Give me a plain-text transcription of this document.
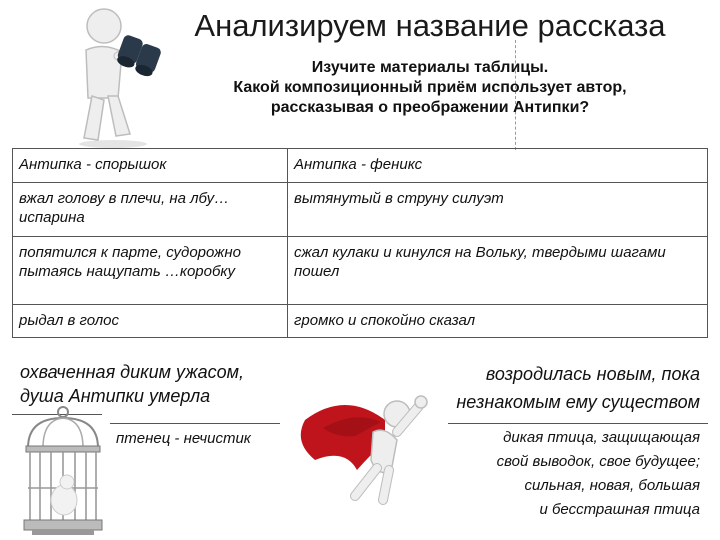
Анализируем название рассказа
Изучите материалы таблицы.
Какой композиционный приём использует автор,
рассказывая о преображении Антипки?
Антипка - спорышок	Антипка - феникс
вжал голову в плечи, на лбу… испарина	вытянутый в струну силуэт
попятился к парте, судорожно пытаясь нащупать …коробку	сжал кулаки и кинулся на Вольку, твердыми шагами пошел
рыдал в голос	громко и спокойно сказал
охваченная диким ужасом, душа Антипки умерла
возродилась новым, пока
незнакомым ему существом
птенец - нечистик	дикая птица, защищающая
свой выводок, свое будущее;
сильная, новая, большая
и бесстрашная птица
